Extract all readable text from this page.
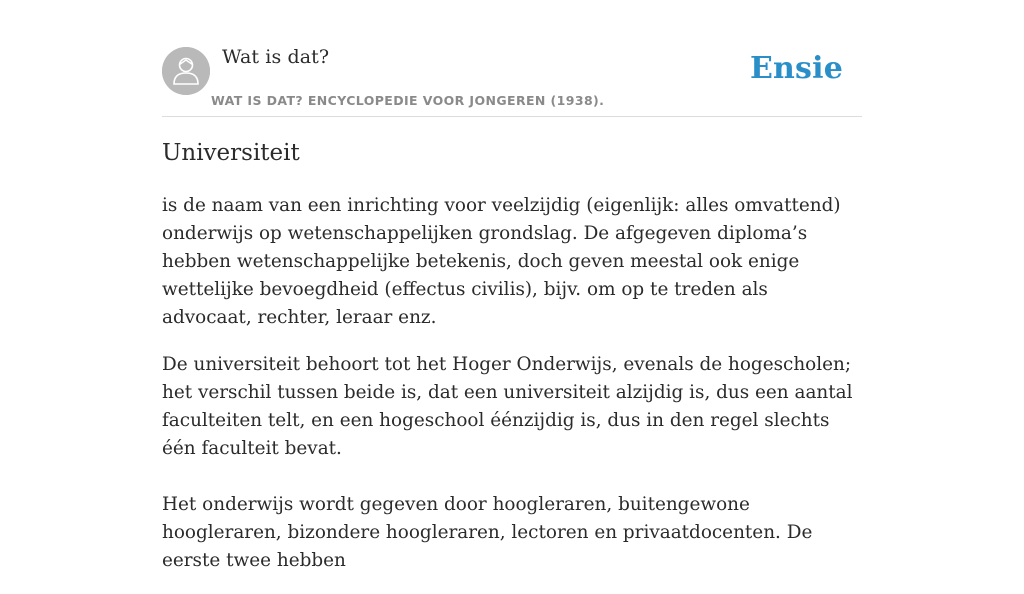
Wat is dat?
WAT IS DAT? ENCYCLOPEDIE VOOR JONGEREN (1938).
Ensie
Universiteit

is de naam van een inrichting voor veelzijdig (eigenlijk: alles omvattend) onderwijs op wetenschappelijken grondslag. De afgegeven diploma’s hebben wetenschappelijke betekenis, doch geven meestal ook enige wettelijke bevoegdheid (effectus civilis), bijv. om op te treden als advocaat, rechter, leraar enz.

De universiteit behoort tot het Hoger Onderwijs, evenals de hogescholen; het verschil tussen beide is, dat een universiteit alzijdig is, dus een aantal faculteiten telt, en een hogeschool éénzijdig is, dus in den regel slechts één faculteit bevat.

Het onderwijs wordt gegeven door hoogleraren, buitengewone hoogleraren, bizondere hoogleraren, lectoren en privaatdocenten. De eerste twee hebben
